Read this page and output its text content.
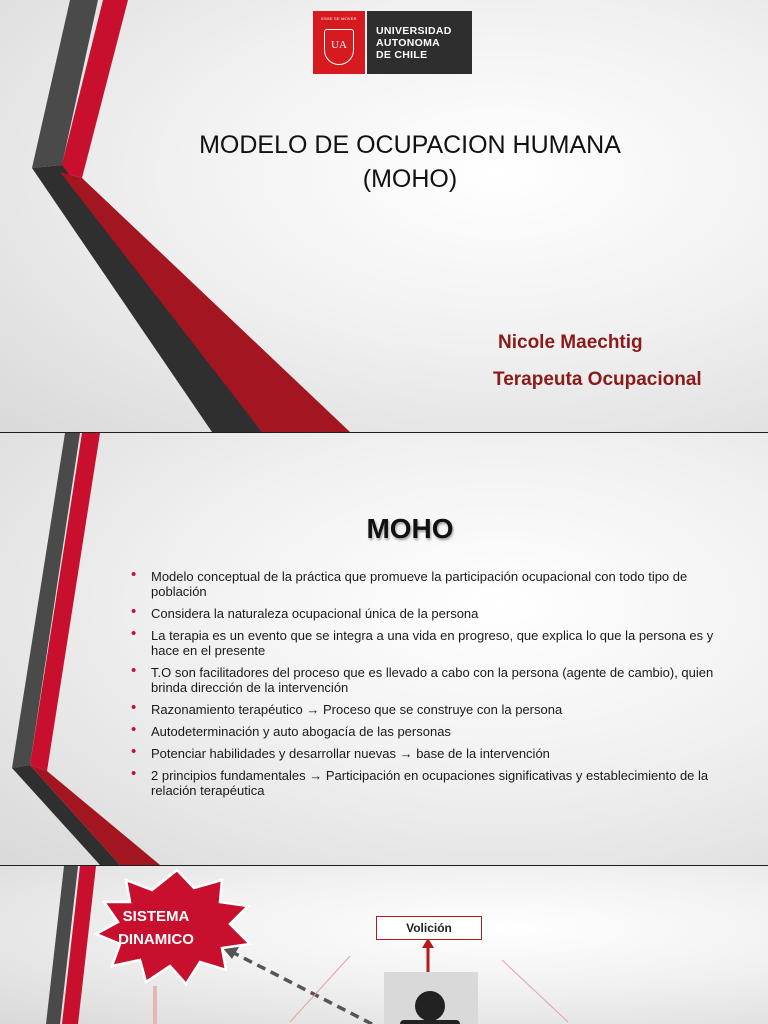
ESSE SE MOVER
UA
UNIVERSIDAD
AUTONOMA
DE CHILE
MODELO DE OCUPACION HUMANA
(MOHO)
Nicole Maechtig
Terapeuta Ocupacional
MOHO
• Modelo conceptual de la práctica que promueve la participación ocupacional con todo tipo de población
• Considera la naturaleza ocupacional única de la persona
• La terapia es un evento que se integra a una vida en progreso, que explica lo que la persona es y hace en el presente
• T.O son facilitadores del proceso que es llevado a cabo con la persona (agente de cambio), quien brinda dirección de la intervención
• Razonamiento terapéutico → Proceso que se construye con la persona
• Autodeterminación y auto abogacía de las personas
• Potenciar habilidades y desarrollar nuevas → base de la intervención
• 2 principios fundamentales → Participación en ocupaciones significativas y establecimiento de la relación terapéutica
SISTEMA
DINAMICO
Volición
